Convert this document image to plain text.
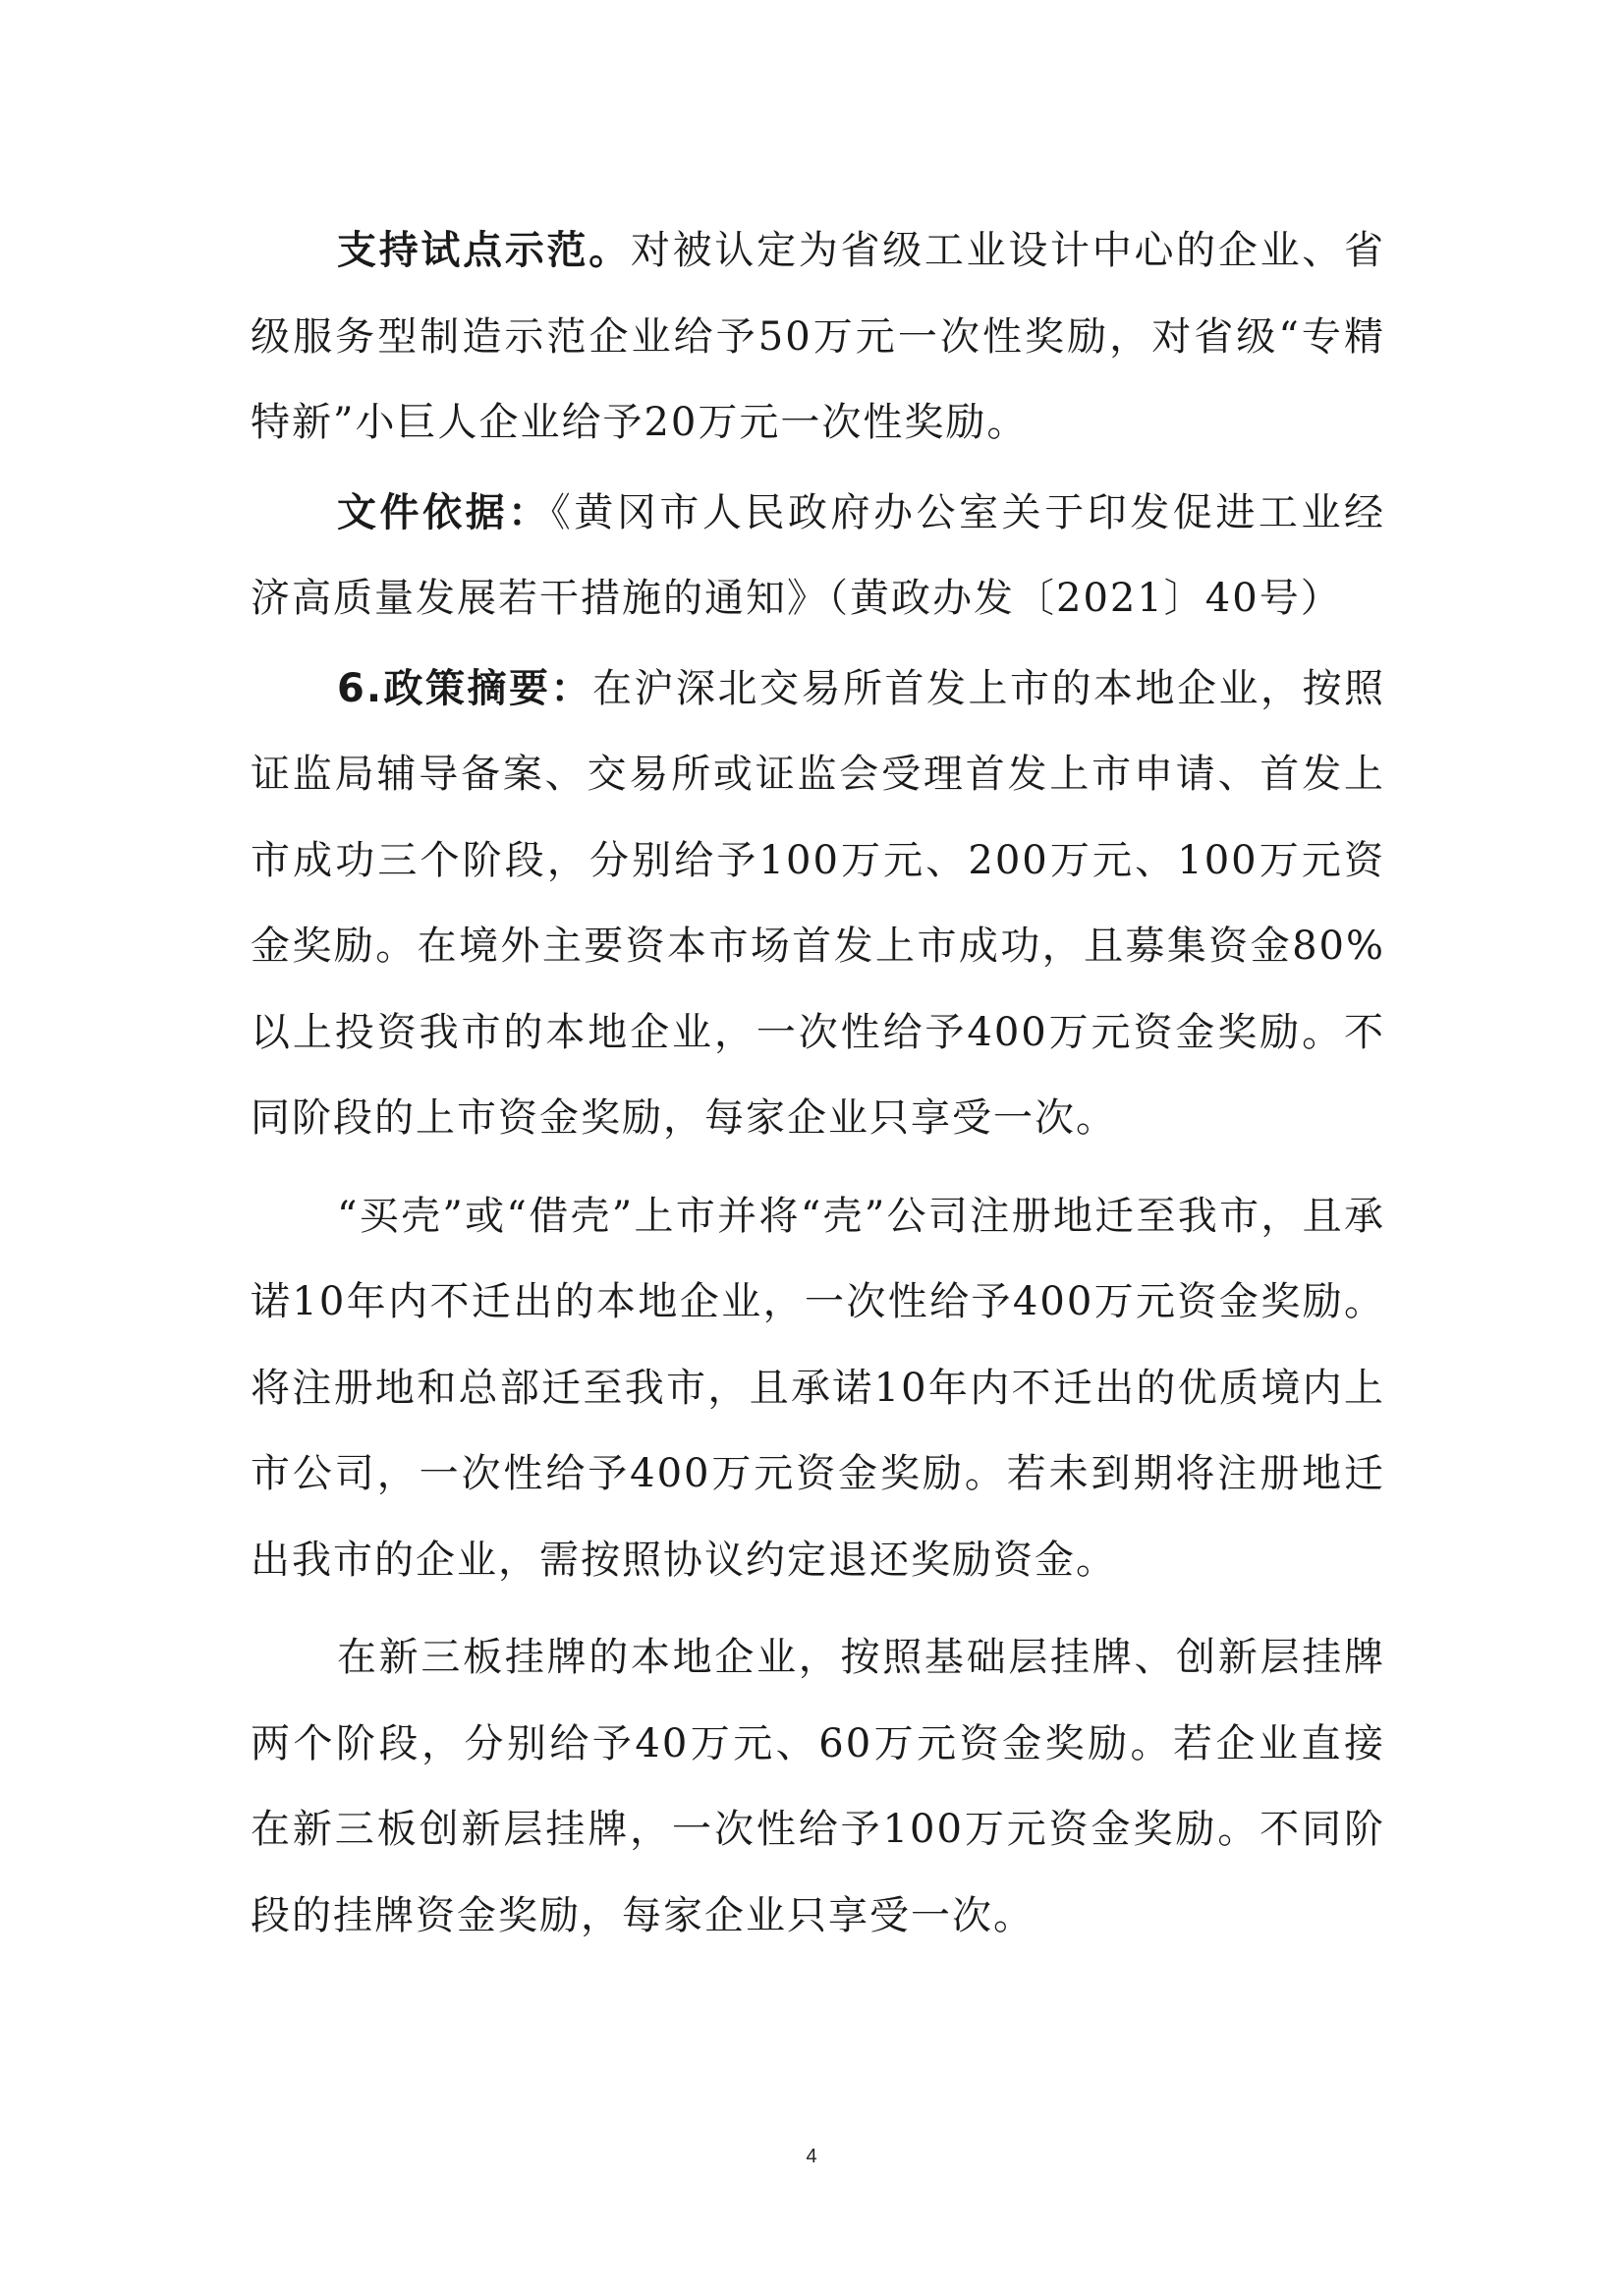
支持试点示范。对被认定为省级工业设计中心的企业、省级服务型制造示范企业给予50万元一次性奖励，对省级“专精特新”小巨人企业给予20万元一次性奖励。

文件依据：《黄冈市人民政府办公室关于印发促进工业经济高质量发展若干措施的通知》（黄政办发〔2021〕40号）

6.政策摘要：在沪深北交易所首发上市的本地企业，按照证监局辅导备案、交易所或证监会受理首发上市申请、首发上市成功三个阶段，分别给予100万元、200万元、100万元资金奖励。在境外主要资本市场首发上市成功，且募集资金80%以上投资我市的本地企业，一次性给予400万元资金奖励。不同阶段的上市资金奖励，每家企业只享受一次。

“买壳”或“借壳”上市并将“壳”公司注册地迁至我市，且承诺10年内不迁出的本地企业，一次性给予400万元资金奖励。将注册地和总部迁至我市，且承诺10年内不迁出的优质境内上市公司，一次性给予400万元资金奖励。若未到期将注册地迁出我市的企业，需按照协议约定退还奖励资金。

在新三板挂牌的本地企业，按照基础层挂牌、创新层挂牌两个阶段，分别给予40万元、60万元资金奖励。若企业直接在新三板创新层挂牌，一次性给予100万元资金奖励。不同阶段的挂牌资金奖励，每家企业只享受一次。

4
